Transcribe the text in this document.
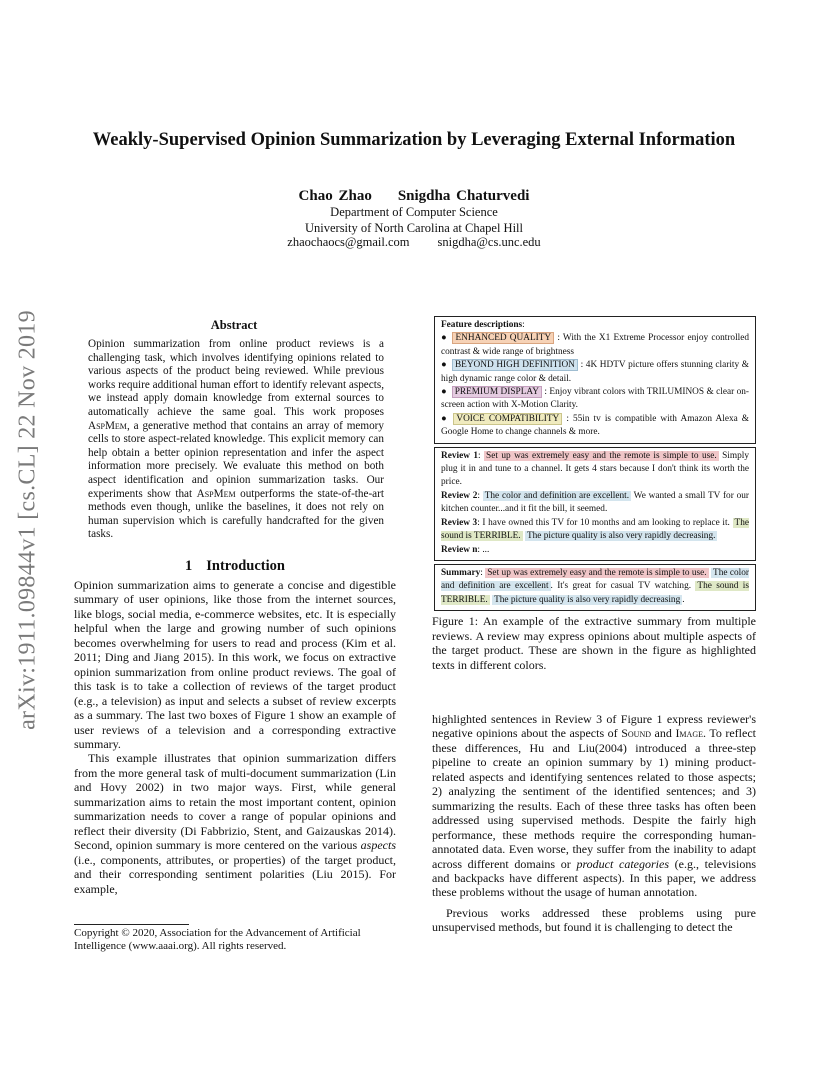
arXiv:1911.09844v1 [cs.CL] 22 Nov 2019
Weakly-Supervised Opinion Summarization by Leveraging External Information
Chao Zhao Snigdha Chaturvedi
Department of Computer Science
University of North Carolina at Chapel Hill
zhaochaocs@gmail.com snigdha@cs.unc.edu
Abstract
Opinion summarization from online product reviews is a challenging task, which involves identifying opinions related to various aspects of the product being reviewed. While previous works require additional human effort to identify relevant aspects, we instead apply domain knowledge from external sources to automatically achieve the same goal. This work proposes AspMem, a generative method that contains an array of memory cells to store aspect-related knowledge. This explicit memory can help obtain a better opinion representation and infer the aspect information more precisely. We evaluate this method on both aspect identification and opinion summarization tasks. Our experiments show that AspMem outperforms the state-of-the-art methods even though, unlike the baselines, it does not rely on human supervision which is carefully handcrafted for the given tasks.
1 Introduction

Opinion summarization aims to generate a concise and digestible summary of user opinions, like those from the internet sources, like blogs, social media, e-commerce websites, etc. It is especially helpful when the large and growing number of such opinions becomes overwhelming for users to read and process (Kim et al. 2011; Ding and Jiang 2015). In this work, we focus on extractive opinion summarization from online product reviews. The goal of this task is to take a collection of reviews of the target product (e.g., a television) as input and selects a subset of review excerpts as a summary. The last two boxes of Figure 1 show an example of user reviews of a television and a corresponding extractive summary.

This example illustrates that opinion summarization differs from the more general task of multi-document summarization (Lin and Hovy 2002) in two major ways. First, while general summarization aims to retain the most important content, opinion summarization needs to cover a range of popular opinions and reflect their diversity (Di Fabbrizio, Stent, and Gaizauskas 2014). Second, opinion summary is more centered on the various aspects (i.e., components, attributes, or properties) of the target product, and their corresponding sentiment polarities (Liu 2015). For example,

Copyright © 2020, Association for the Advancement of Artificial Intelligence (www.aaai.org). All rights reserved.
Feature descriptions:
● ENHANCED QUALITY : With the X1 Extreme Processor enjoy controlled contrast & wide range of brightness
● BEYOND HIGH DEFINITION : 4K HDTV picture offers stunning clarity & high dynamic range color & detail.
● PREMIUM DISPLAY : Enjoy vibrant colors with TRILUMINOS & clear on-screen action with X-Motion Clarity.
● VOICE COMPATIBILITY : 55in tv is compatible with Amazon Alexa & Google Home to change channels & more.
Review 1: Set up was extremely easy and the remote is simple to use. Simply plug it in and tune to a channel. It gets 4 stars because I don't think its worth the price.
Review 2: The color and definition are excellent. We wanted a small TV for our kitchen counter...and it fit the bill, it seemed.
Review 3: I have owned this TV for 10 months and am looking to replace it. The sound is TERRIBLE. The picture quality is also very rapidly decreasing.
Review n: ...
Summary: Set up was extremely easy and the remote is simple to use. The color and definition are excellent . It's great for casual TV watching. The sound is TERRIBLE. The picture quality is also very rapidly decreasing .
Figure 1: An example of the extractive summary from multiple reviews. A review may express opinions about multiple aspects of the target product. These are shown in the figure as highlighted texts in different colors.

highlighted sentences in Review 3 of Figure 1 express reviewer's negative opinions about the aspects of Sound and Image. To reflect these differences, Hu and Liu(2004) introduced a three-step pipeline to create an opinion summary by 1) mining product-related aspects and identifying sentences related to those aspects; 2) analyzing the sentiment of the identified sentences; and 3) summarizing the results. Each of these three tasks has often been addressed using supervised methods. Despite the fairly high performance, these methods require the corresponding human-annotated data. Even worse, they suffer from the inability to adapt across different domains or product categories (e.g., televisions and backpacks have different aspects). In this paper, we address these problems without the usage of human annotation.

Previous works addressed these problems using pure unsupervised methods, but found it is challenging to detect the
